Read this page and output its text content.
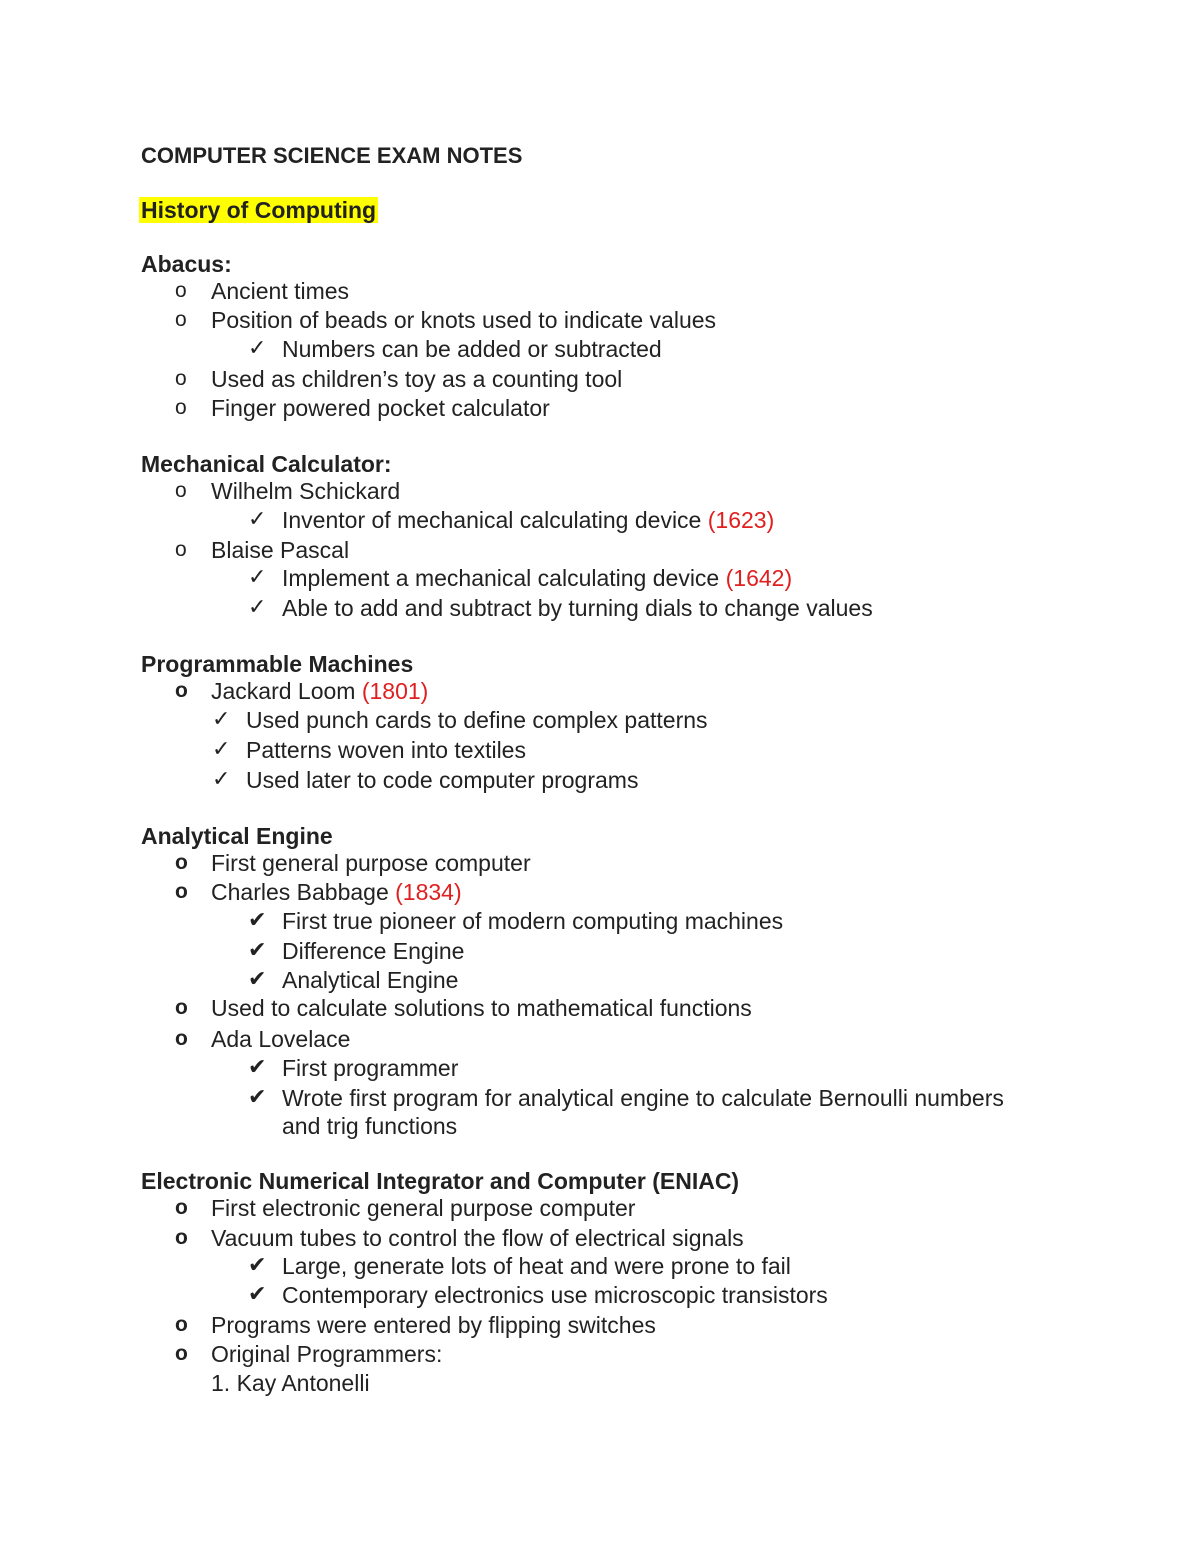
COMPUTER SCIENCE EXAM NOTES
History of Computing
Abacus:
o Ancient times
o Position of beads or knots used to indicate values
✓ Numbers can be added or subtracted
o Used as children’s toy as a counting tool
o Finger powered pocket calculator
Mechanical Calculator:
o Wilhelm Schickard
✓ Inventor of mechanical calculating device (1623)
o Blaise Pascal
✓ Implement a mechanical calculating device (1642)
✓ Able to add and subtract by turning dials to change values
Programmable Machines
o Jackard Loom (1801)
✓ Used punch cards to define complex patterns
✓ Patterns woven into textiles
✓ Used later to code computer programs
Analytical Engine
o First general purpose computer
o Charles Babbage (1834)
✔ First true pioneer of modern computing machines
✔ Difference Engine
✔ Analytical Engine
o Used to calculate solutions to mathematical functions
o Ada Lovelace
✔ First programmer
✔ Wrote first program for analytical engine to calculate Bernoulli numbers
and trig functions
Electronic Numerical Integrator and Computer (ENIAC)
o First electronic general purpose computer
o Vacuum tubes to control the flow of electrical signals
✔ Large, generate lots of heat and were prone to fail
✔ Contemporary electronics use microscopic transistors
o Programs were entered by flipping switches
o Original Programmers:
1. Kay Antonelli
